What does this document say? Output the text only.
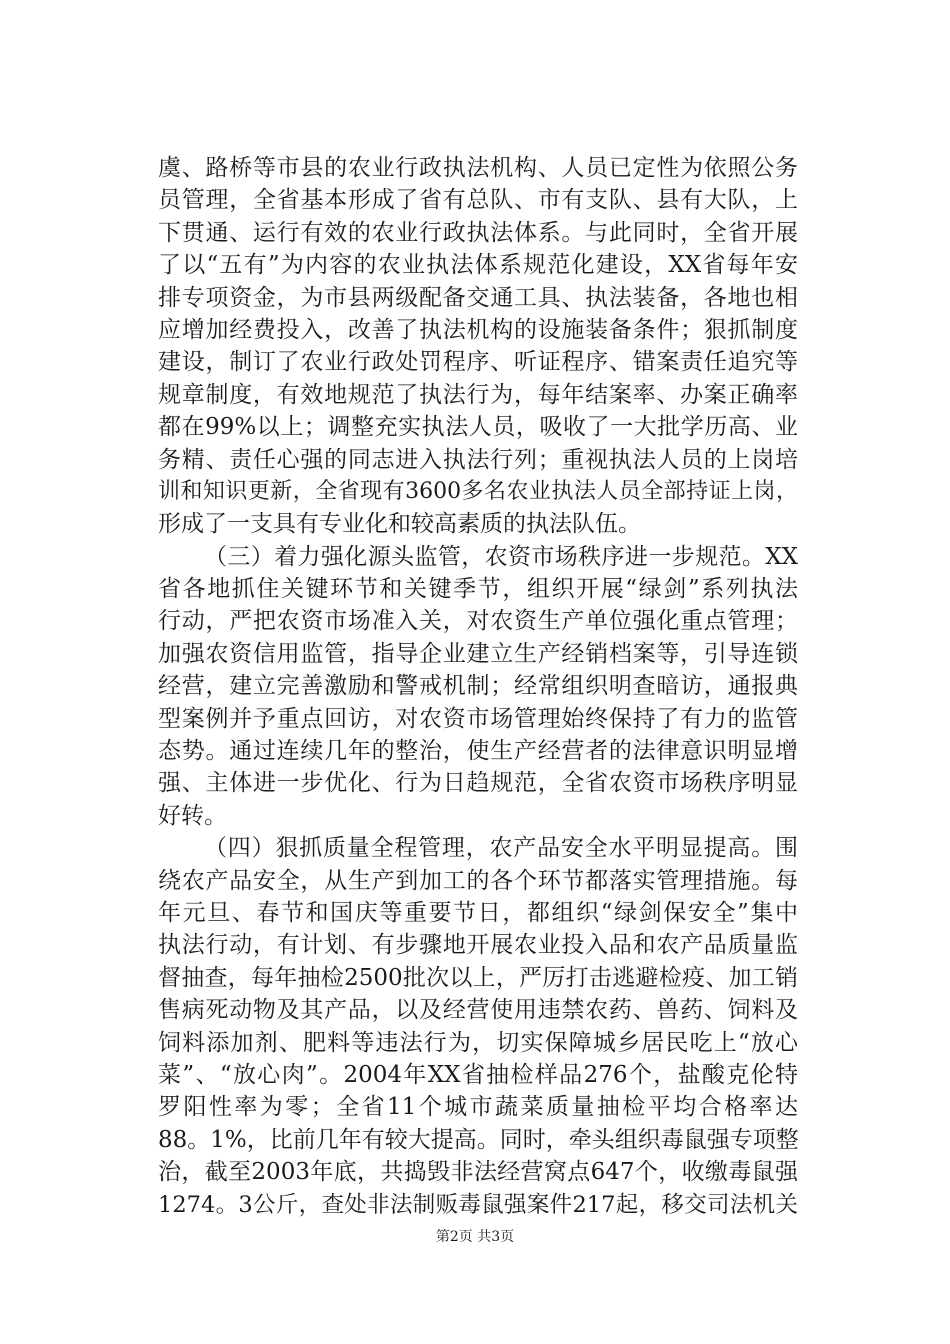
虞、路桥等市县的农业行政执法机构、人员已定性为依照公务
员管理，全省基本形成了省有总队、市有支队、县有大队，上
下贯通、运行有效的农业行政执法体系。与此同时，全省开展
了以“五有”为内容的农业执法体系规范化建设，XX省每年安
排专项资金，为市县两级配备交通工具、执法装备，各地也相
应增加经费投入，改善了执法机构的设施装备条件；狠抓制度
建设，制订了农业行政处罚程序、听证程序、错案责任追究等
规章制度，有效地规范了执法行为，每年结案率、办案正确率
都在99%以上；调整充实执法人员，吸收了一大批学历高、业
务精、责任心强的同志进入执法行列；重视执法人员的上岗培
训和知识更新，全省现有3600多名农业执法人员全部持证上岗，
形成了一支具有专业化和较高素质的执法队伍。
（三）着力强化源头监管，农资市场秩序进一步规范。XX
省各地抓住关键环节和关键季节，组织开展“绿剑”系列执法
行动，严把农资市场准入关，对农资生产单位强化重点管理；
加强农资信用监管，指导企业建立生产经销档案等，引导连锁
经营，建立完善激励和警戒机制；经常组织明查暗访，通报典
型案例并予重点回访，对农资市场管理始终保持了有力的监管
态势。通过连续几年的整治，使生产经营者的法律意识明显增
强、主体进一步优化、行为日趋规范，全省农资市场秩序明显
好转。
（四）狠抓质量全程管理，农产品安全水平明显提高。围
绕农产品安全，从生产到加工的各个环节都落实管理措施。每
年元旦、春节和国庆等重要节日，都组织“绿剑保安全”集中
执法行动，有计划、有步骤地开展农业投入品和农产品质量监
督抽查，每年抽检2500批次以上，严厉打击逃避检疫、加工销
售病死动物及其产品，以及经营使用违禁农药、兽药、饲料及
饲料添加剂、肥料等违法行为，切实保障城乡居民吃上“放心
菜”、“放心肉”。2004年XX省抽检样品276个，盐酸克伦特
罗阳性率为零；全省11个城市蔬菜质量抽检平均合格率达
88。1%，比前几年有较大提高。同时，牵头组织毒鼠强专项整
治，截至2003年底，共捣毁非法经营窝点647个，收缴毒鼠强
1274。3公斤，查处非法制贩毒鼠强案件217起，移交司法机关
第2页 共3页
